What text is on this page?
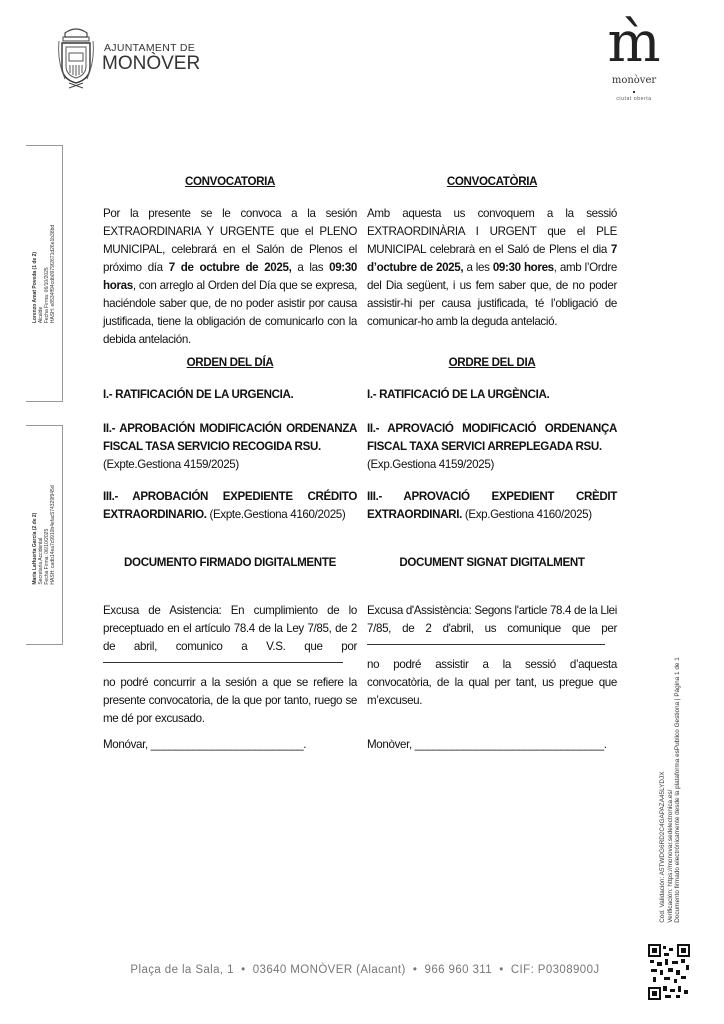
AJUNTAMENT DE
MONÒVER	m̀
monòver
ciutat oberta
Lorenzo Amat Poveda (1 de 2) Alcalde Fecha Firma: 06/10/2025 HASH: e8534ff94cdb0979f2671d26e1b38bd
María LaHuerta García (2 de 2) Secretaria Accidental Fecha Firma: 06/10/2025 HASH: cadb14ea7c9910b4efac574329f945d
CONVOCATORIA
Por la presente se le convoca a la sesión EXTRAORDINARIA Y URGENTE que el PLENO MUNICIPAL, celebrará en el Salón de Plenos el próximo día 7 de octubre de 2025, a las 09:30 horas, con arreglo al Orden del Día que se expresa, haciéndole saber que, de no poder asistir por causa justificada, tiene la obligación de comunicarlo con la debida antelación.
ORDEN DEL DÍA
I.- RATIFICACIÓN DE LA URGENCIA.
II.- APROBACIÓN MODIFICACIÓN ORDENANZA FISCAL TASA SERVICIO RECOGIDA RSU.
(Expte.Gestiona 4159/2025)
III.- APROBACIÓN EXPEDIENTE CRÉDITO EXTRAORDINARIO. (Expte.Gestiona 4160/2025)
DOCUMENTO FIRMADO DIGITALMENTE
Excusa de Asistencia: En cumplimiento de lo preceptuado en el artículo 78.4 de la Ley 7/85, de 2 de abril, comunico a V.S. que por
no podré concurrir a la sesión a que se refiere la presente convocatoria, de la que por tanto, ruego se me dé por excusado.
Monóvar, _________________________.
CONVOCATÒRIA
Amb aquesta us convoquem a la sessió EXTRAORDINÀRIA I URGENT que el PLE MUNICIPAL celebrarà en el Saló de Plens el dia 7 d’octubre de 2025, a les 09:30 hores, amb l’Ordre del Dia següent, i us fem saber que, de no poder assistir-hi per causa justificada, té l’obligació de comunicar-ho amb la deguda antelació.
ORDRE DEL DIA
I.- RATIFICACIÓ DE LA URGÈNCIA.
II.- APROVACIÓ MODIFICACIÓ ORDENANÇA FISCAL TAXA SERVICI ARREPLEGADA RSU.
(Exp.Gestiona 4159/2025)
III.- APROVACIÓ EXPEDIENT CRÈDIT EXTRAORDINARI. (Exp.Gestiona 4160/2025)
DOCUMENT SIGNAT DIGITALMENT
Excusa d'Assistència: Segons l'article 78.4 de la Llei 7/85, de 2 d'abril, us comunique que per
no podré assistir a la sessió d’aquesta convocatòria, de la qual per tant, us pregue que m’excuseu.
Monòver, _______________________________.
Cód. Validación: A5TWDG6RD2C4GAPAZA45LYDJX Verificación: https://monovar.sedelectronica.es/ Documento firmado electrónicamente desde la plataforma esPublico Gestiona | Página 1 de 1
Plaça de la Sala, 1  •  03640 MONÒVER (Alacant)  •  966 960 311  •  CIF: P0308900J
